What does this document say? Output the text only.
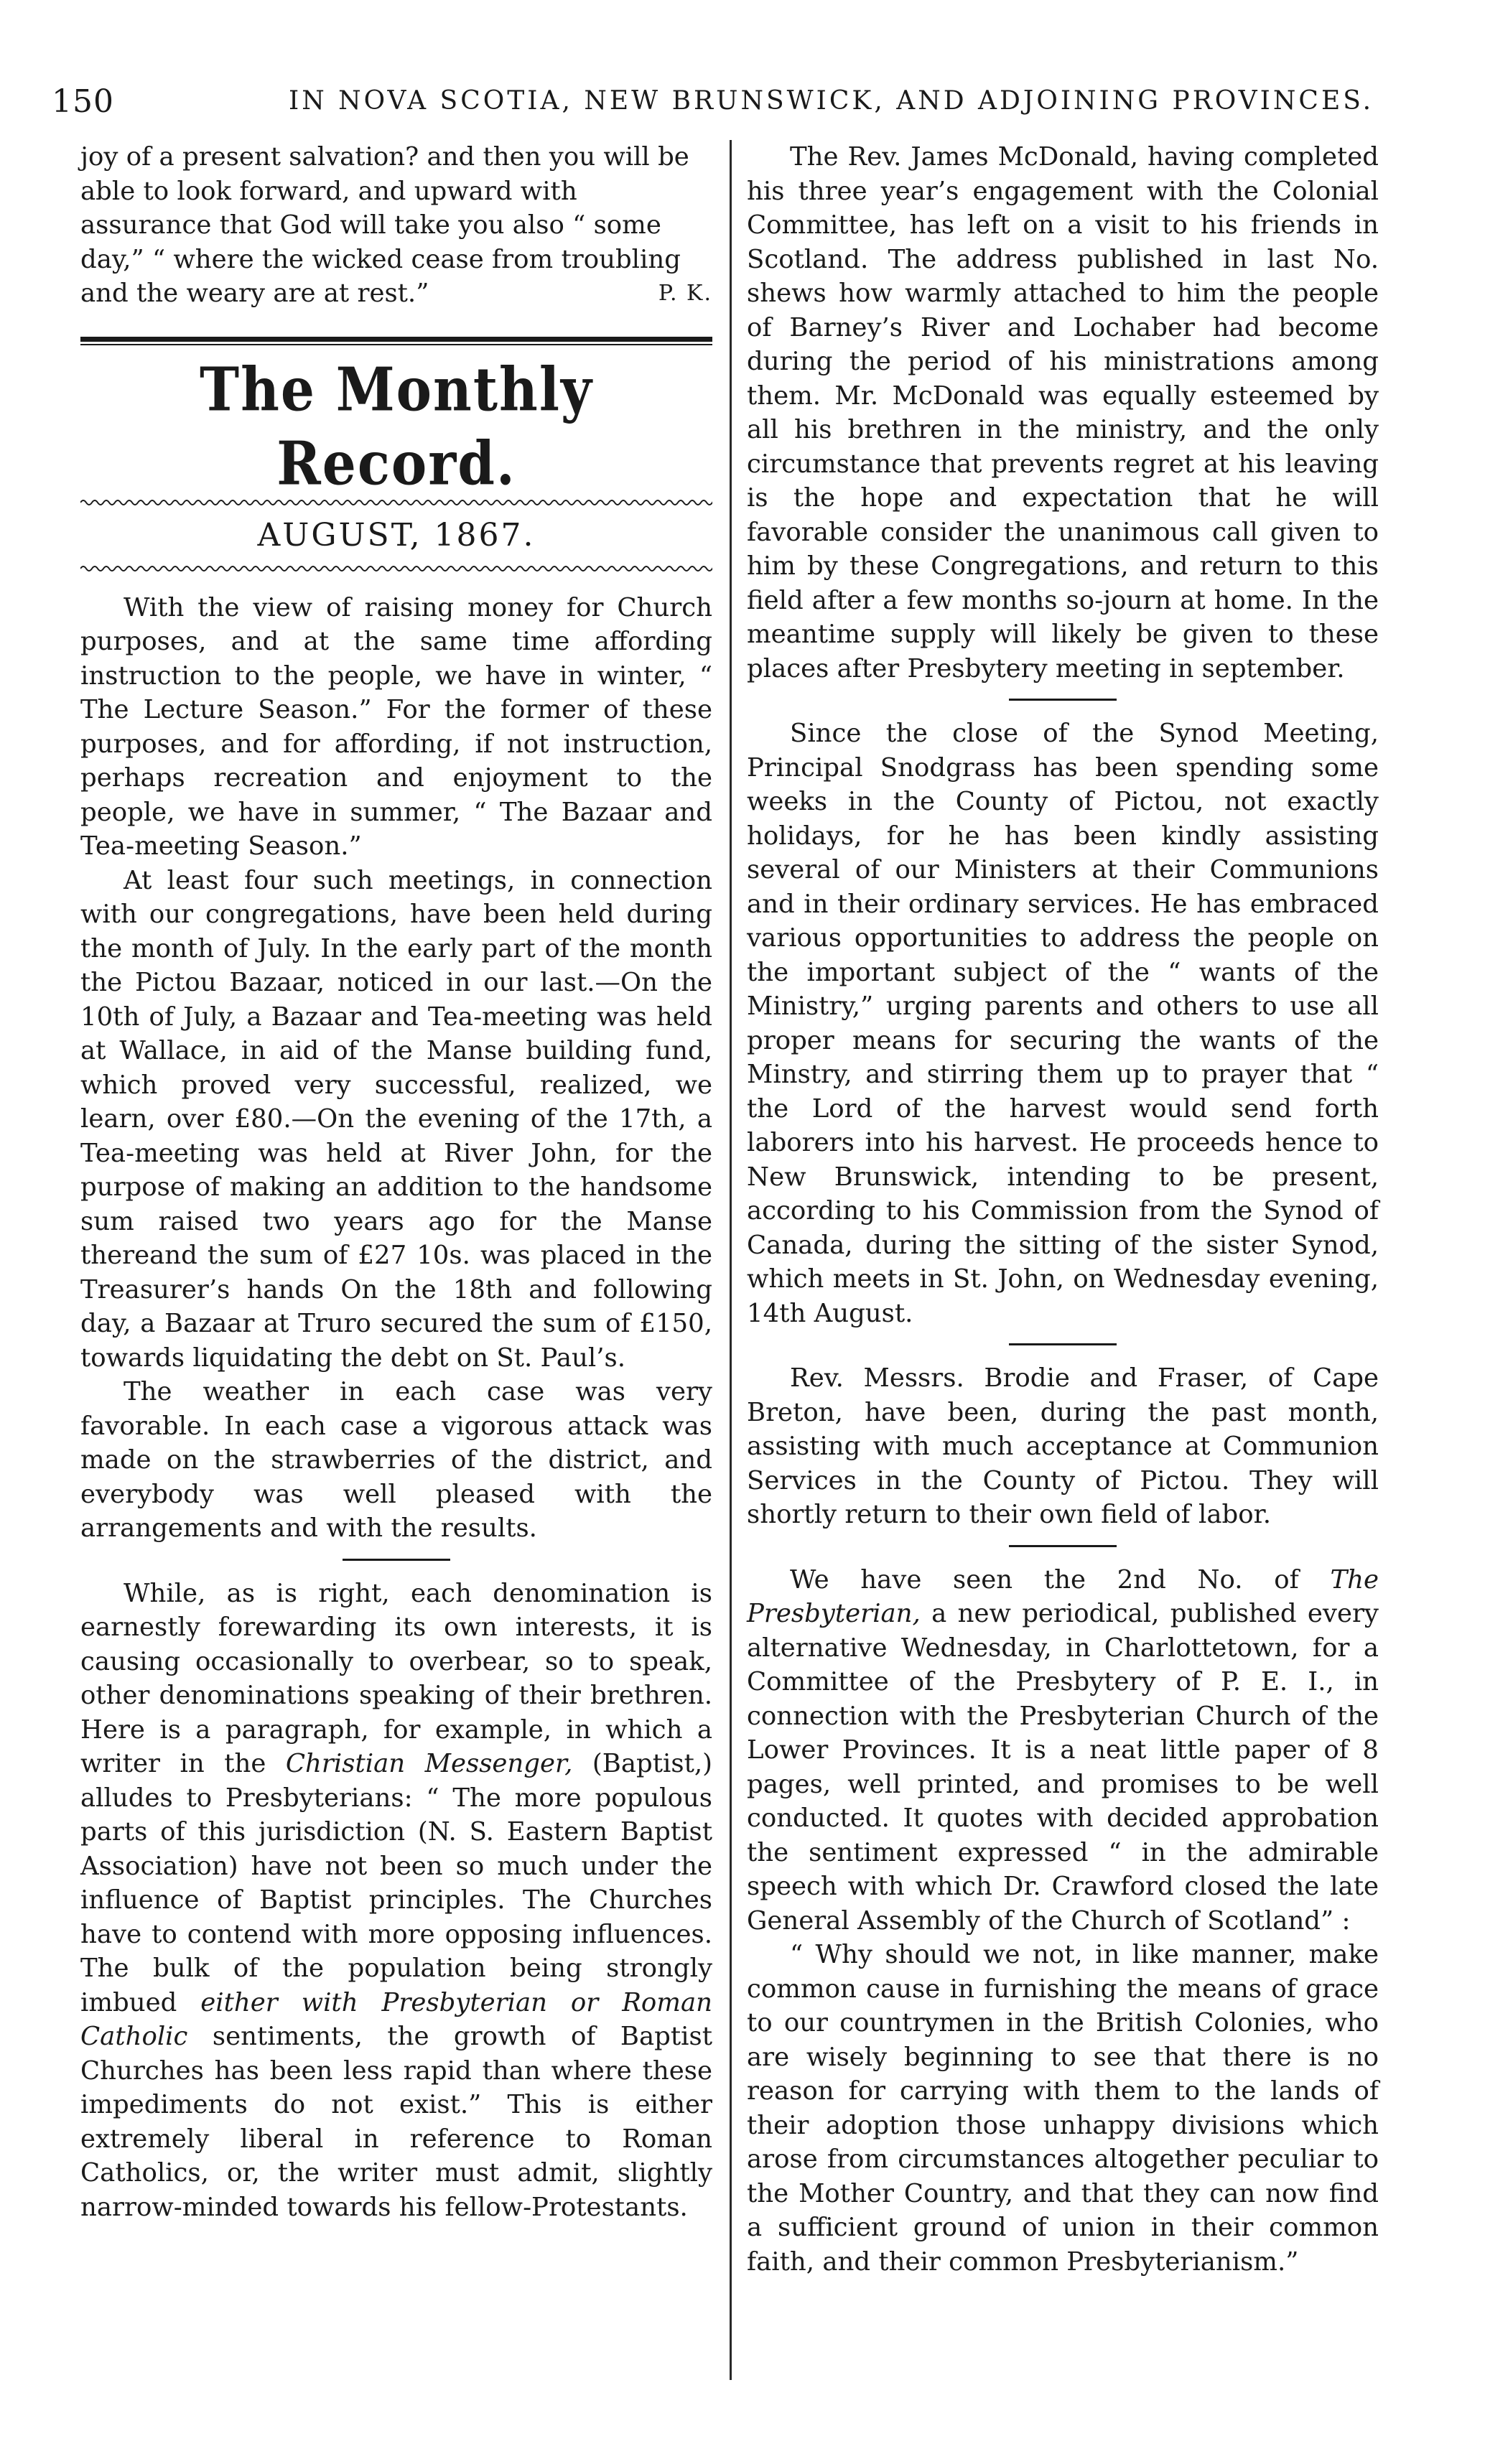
150	IN NOVA SCOTIA, NEW BRUNSWICK, AND ADJOINING PROVINCES.

joy of a present salvation? and then you will be able to look forward, and upward with assurance that God will take you also “ some day,” “ where the wicked cease from troubling and the weary are at rest.”	P. K.

The Monthly Record.
AUGUST, 1867.

With the view of raising money for Church purposes, and at the same time affording instruction to the people, we have in winter, “ The Lecture Season.” For the former of these purposes, and for affording, if not instruction, perhaps recreation and enjoyment to the people, we have in summer, “ The Bazaar and Tea-meeting Season.”

At least four such meetings, in connection with our congregations, have been held during the month of July. In the early part of the month the Pictou Bazaar, noticed in our last.—On the 10th of July, a Bazaar and Tea-meeting was held at Wallace, in aid of the Manse building fund, which proved very successful, realized, we learn, over £80.—On the evening of the 17th, a Tea-meeting was held at River John, for the purpose of making an addition to the handsome sum raised two years ago for the Manse thereand the sum of £27 10s. was placed in the Treasurer’s hands On the 18th and following day, a Bazaar at Truro secured the sum of £150, towards liquidating the debt on St. Paul’s.

The weather in each case was very favorable. In each case a vigorous attack was made on the strawberries of the district, and everybody was well pleased with the arrangements and with the results.

While, as is right, each denomination is earnestly forewarding its own interests, it is causing occasionally to overbear, so to speak, other denominations speaking of their brethren. Here is a paragraph, for example, in which a writer in the Christian Messenger, (Baptist,) alludes to Presbyterians: “ The more populous parts of this jurisdiction (N. S. Eastern Baptist Association) have not been so much under the influence of Baptist principles. The Churches have to contend with more opposing influences. The bulk of the population being strongly imbued either with Presbyterian or Roman Catholic sentiments, the growth of Baptist Churches has been less rapid than where these impediments do not exist.” This is either extremely liberal in reference to Roman Catholics, or, the writer must admit, slightly narrow-minded towards his fellow-Protestants.

The Rev. James McDonald, having completed his three year’s engagement with the Colonial Committee, has left on a visit to his friends in Scotland. The address published in last No. shews how warmly attached to him the people of Barney’s River and Lochaber had become during the period of his ministrations among them. Mr. McDonald was equally esteemed by all his brethren in the ministry, and the only circumstance that prevents regret at his leaving is the hope and expectation that he will favorable consider the unanimous call given to him by these Congregations, and return to this field after a few months so-journ at home. In the meantime supply will likely be given to these places after Presbytery meeting in september.

Since the close of the Synod Meeting, Principal Snodgrass has been spending some weeks in the County of Pictou, not exactly holidays, for he has been kindly assisting several of our Ministers at their Communions and in their ordinary services. He has embraced various opportunities to address the people on the important subject of the “ wants of the Ministry,” urging parents and others to use all proper means for securing the wants of the Minstry, and stirring them up to prayer that “ the Lord of the harvest would send forth laborers into his harvest. He proceeds hence to New Brunswick, intending to be present, according to his Commission from the Synod of Canada, during the sitting of the sister Synod, which meets in St. John, on Wednesday evening, 14th August.

Rev. Messrs. Brodie and Fraser, of Cape Breton, have been, during the past month, assisting with much acceptance at Communion Services in the County of Pictou. They will shortly return to their own field of labor.

We have seen the 2nd No. of The Presbyterian, a new periodical, published every alternative Wednesday, in Charlottetown, for a Committee of the Presbytery of P. E. I., in connection with the Presbyterian Church of the Lower Provinces. It is a neat little paper of 8 pages, well printed, and promises to be well conducted. It quotes with decided approbation the sentiment expressed “ in the admirable speech with which Dr. Crawford closed the late General Assembly of the Church of Scotland” :

“ Why should we not, in like manner, make common cause in furnishing the means of grace to our countrymen in the British Colonies, who are wisely beginning to see that there is no reason for carrying with them to the lands of their adoption those unhappy divisions which arose from circumstances altogether peculiar to the Mother Country, and that they can now find a sufficient ground of union in their common faith, and their common Presbyterianism.”
